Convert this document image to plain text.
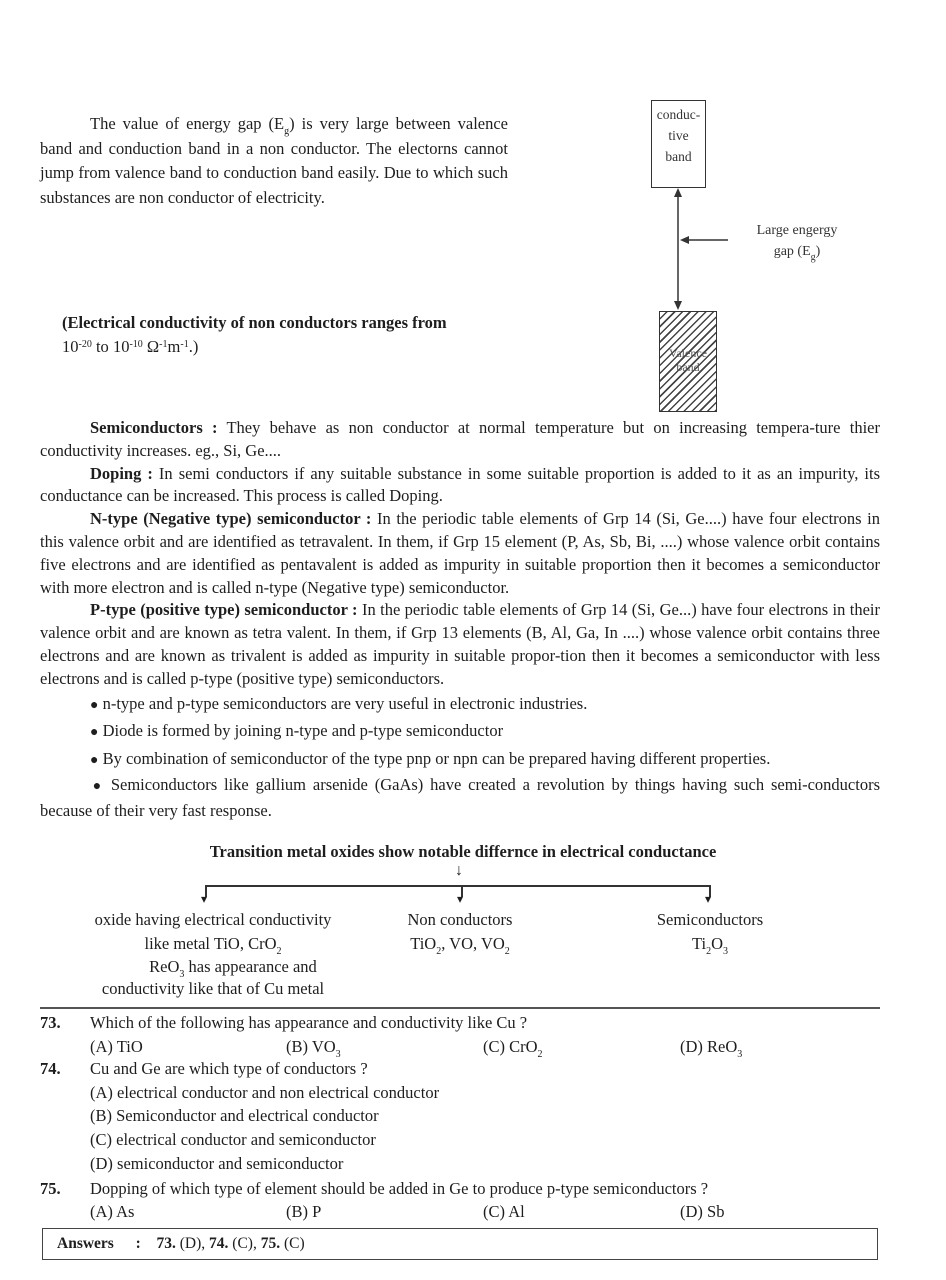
The value of energy gap $(E_g)$ is very large between valence band and conduction band in a non conductor. The electorns cannot jump from valence band to conduction band easily. Due to which such substances are non conductor of electricity.

(Electrical conductivity of non conductors ranges from
$10^{-20}$ to $10^{-10}$ $\Omega^{-1}m^{-1}$.)
conduc-
tive
band
Large engergy
gap $(E_g)$
Valence
band

Semiconductors : They behave as non conductor at normal temperature but on increasing tempera-ture thier conductivity increases. eg., Si, Ge....

Doping : In semi conductors if any suitable substance in some suitable proportion is added to it as an impurity, its conductance can be increased. This process is called Doping.

N-type (Negative type) semiconductor : In the periodic table elements of Grp 14 (Si, Ge....) have four electrons in this valence orbit and are identified as tetravalent. In them, if Grp 15 element (P, As, Sb, Bi, ....) whose valence orbit contains five electrons and are identified as pentavalent is added as impurity in suitable proportion then it becomes a semiconductor with more electron and is called n-type (Negative type) semiconductor.

P-type (positive type) semiconductor : In the periodic table elements of Grp 14 (Si, Ge...) have four electrons in their valence orbit and are known as tetra valent. In them, if Grp 13 elements (B, Al, Ga, In ....) whose valence orbit contains three electrons and are known as trivalent is added as impurity in suitable propor-tion then it becomes a semiconductor with less electrons and is called p-type (positive type) semiconductors.

● n-type and p-type semiconductors are very useful in electronic industries.

● Diode is formed by joining n-type and p-type semiconductor

● By combination of semiconductor of the type pnp or npn can be prepared having different properties.

● Semiconductors like gallium arsenide (GaAs) have created a revolution by things having such semi-conductors because of their very fast response.

Transition metal oxides show notable differnce in electrical conductance
↓
▾	▾	▾
oxide having electrical conductivity
like metal TiO, CrO$_2$
ReO$_3$ has appearance and
conductivity like that of Cu metal
Non conductors
TiO$_2$, VO, $VO_2$
Semiconductors
$Ti_2O_3$
73. Which of the following has appearance and conductivity like Cu ?
(A) TiO	(B) $VO_3$	(C) CrO$_2$	(D) ReO$_3$
74. Cu and Ge are which type of conductors ?
(A) electrical conductor and non electrical conductor
(B) Semiconductor and electrical conductor
(C) electrical conductor and semiconductor
(D) semiconductor and semiconductor
75. Dopping of which type of element should be added in Ge to produce p-type semiconductors ?
(A) As	(B) P	(C) Al	(D) Sb
Answers : 73. (D), 74. (C), 75. (C)
